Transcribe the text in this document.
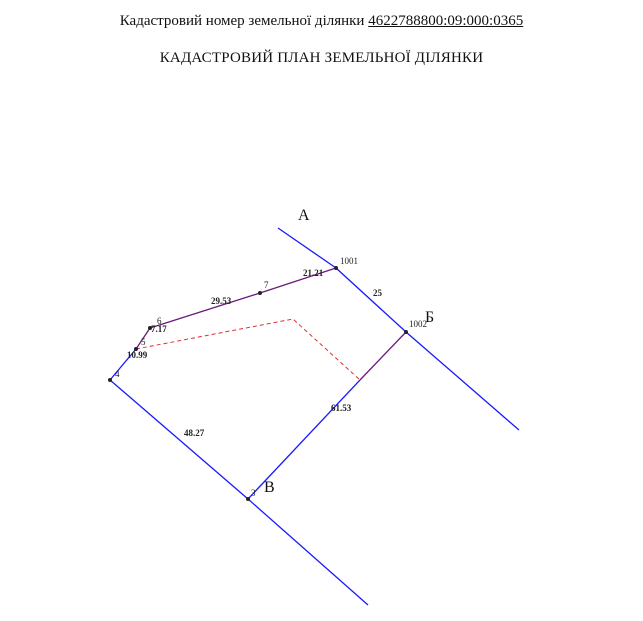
Кадастровий номер земельної ділянки 4622788800:09:000:0365
КАДАСТРОВИЙ ПЛАН ЗЕМЕЛЬНОЇ ДІЛЯНКИ
1001
1002
7
6
5
4
3
21.21
29.53
7.17
10.99
25
61.53
48.27
А
Б
В
